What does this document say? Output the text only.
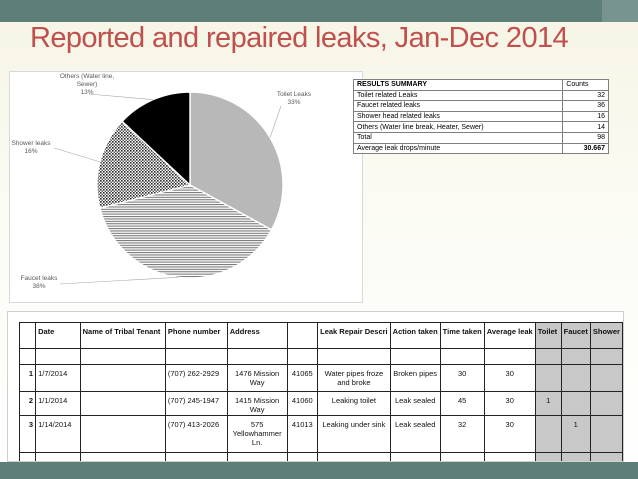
Reported and repaired leaks, Jan-Dec 2014
Toilet Leaks
33%
Faucet leaks
38%
Shower leaks
16%
Others (Water line,
Sewer)
13%
RESULTS SUMMARY	Counts
Toilet related Leaks	32
Faucet related leaks	36
Shower head related leaks	16
Others (Water line break, Heater, Sewer)	14
Total	98
Average leak drops/minute	30.667
	Date	Name of Tribal Tenant	Phone number	Address		Leak Repair Descri	Action taken	Time taken	Average leak	Toilet	Faucet	Shower

1	1/7/2014		(707) 262-2929	1476 Mission Way	41065	Water pipes froze and broke	Broken pipes	30	30			
2	1/1/2014		(707) 245-1947	1415 Mission Way	41060	Leaking toilet	Leak sealed	45	30	1		
3	1/14/2014		(707) 413-2026	575 Yellowhammer Ln.	41013	Leaking under sink	Leak sealed	32	30		1	
